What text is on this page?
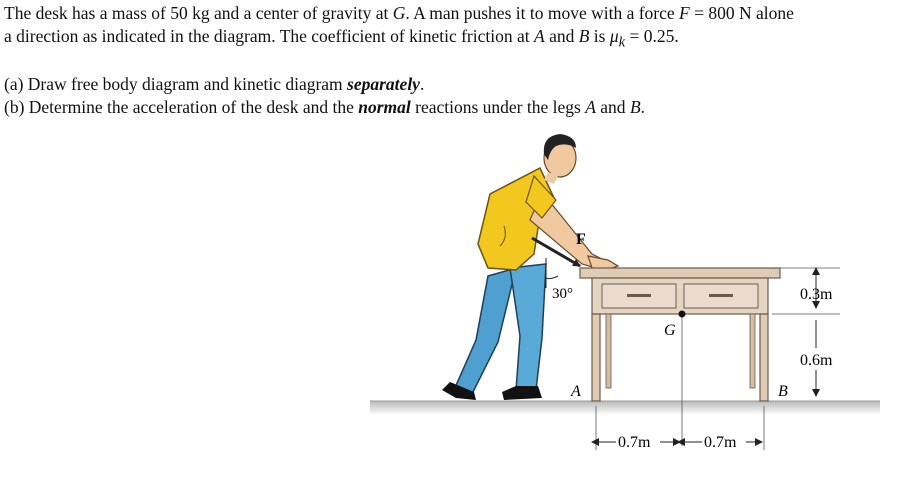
The desk has a mass of 50 kg and a center of gravity at G. A man pushes it to move with a force F = 800 N alone

a direction as indicated in the diagram. The coefficient of kinetic friction at A and B is $\mu_k = 0.25$.

(a) Draw free body diagram and kinetic diagram separately.

(b) Determine the acceleration of the desk and the normal reactions under the legs A and B.

F
30°
G
A	B
0.3m
0.6m
0.7m	0.7m
